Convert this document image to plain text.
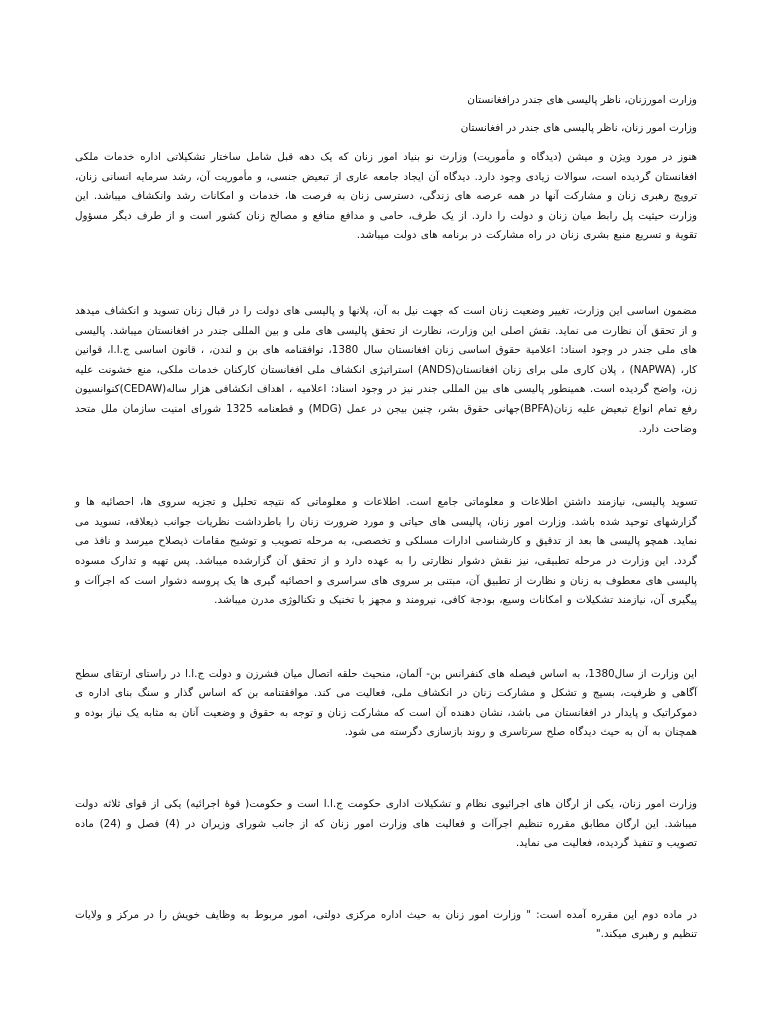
وزارت امورزنان، ناظر پالیسی های جندر درافغانستان

وزارت امور زنان، ناظر پالیسی های جندر در افغانستان

هنوز در مورد ویژن و میشن (دیدگاه و مأموریت) وزارت نو بنیاد امور زنان که یک دهه قبل شامل ساختار تشکیلاتی اداره خدمات ملکی افغانستان گردیده است، سوالات زیادی وجود دارد. دیدگاه آن ایجاد جامعه عاری از تبعیض جنسی، و مأموریت آن، رشد سرمایه انسانی زنان، ترویج رهبری زنان و مشارکت آنها در همه عرصه های زندگی، دسترسی زنان به فرصت ها، خدمات و امکانات رشد وانکشاف میباشد. این وزارت حیثیت پل رابط میان زنان و دولت را دارد. از یک طرف، حامی و مدافع منافع و مصالح زنان کشور است و از طرف دیگر مسؤول تقویة و تسریع منبع بشری زنان در راه مشارکت در برنامه های دولت میباشد.

مضمون اساسی این وزارت، تغییر وضعیت زنان است که جهت نیل به آن، پلانها و پالیسی های دولت را در قبال زنان تسوید و انکشاف میدهد و از تحقق آن نظارت می نماید. نقش اصلی این وزارت، نظارت از تحقق پالیسی های ملی و بین المللی جندر در افغانستان میباشد. پالیسی های ملی جندر در وجود اسناد: اعلامیة حقوق اساسی زنان افغانستان سال 1380، توافقنامه های بن و لندن، ، قانون اساسی ج.ا.ا، قوانین کار، (NAPWA) ، پلان کاری ملی برای زنان افغانستان(ANDS) استراتیژی انکشاف ملی افغانستان کارکنان خدمات ملکی، منع خشونت علیه زن، واضح گردیده است. همینطور پالیسی های بین المللی جندر نیز در وجود اسناد: اعلامیه ، اهداف انکشافی هزار ساله(CEDAW)کنوانسیون رفع تمام انواع تبعیض علیه زنان(BPFA)جهانی حقوق بشر، چنین بیجن در عمل (MDG) و قطعنامه 1325 شورای امنیت سازمان ملل متحد وضاحت دارد.

تسوید پالیسی، نیازمند داشتن اطلاعات و معلوماتی جامع است. اطلاعات و معلوماتی که نتیجه تحلیل و تجزیه سروی ها، احصائیه ها و گزارشهای توحید شده باشد. وزارت امور زنان، پالیسی های حیاتی و مورد ضرورت زنان را باطرداشت نظریات جوانب ذیعلاقه، تسوید می نماید. همچو پالیسی ها بعد از تدقیق و کارشناسی ادارات مسلکی و تخصصی، به مرحله تصویب و توشیح مقامات ذیصلاح میرسد و نافذ می گردد. این وزارت در مرحله تطبیقی، نیز نقش دشوار نظارتی را به عهده دارد و از تحقق آن گزارشده میباشد. پس تهیه و تدارک مسوده پالیسی های معطوف به زنان و نظارت از تطبیق آن، مبتنی بر سروی های سراسری و احصائیه گیری ها یک پروسه دشوار است که اجرآات و پیگیری آن، نیازمند تشکیلات و امکانات وسیع، بودجة کافی، نیرومند و مجهز با تخنیک و تکنالوژی مدرن میباشد.

این وزارت از سال1380، به اساس فیصله های کنفرانس بن- آلمان، منحیث حلقه اتصال میان فشرزن و دولت ج.ا.ا در راستای ارتقای سطح آگاهی و ظرفیت، بسیج و تشکل و مشارکت زنان در انکشاف ملی، فعالیت می کند. موافقتنامه بن که اساس گذار و سنگ بنای اداره ی دموکراتیک و پایدار در افغانستان می باشد، نشان دهنده آن است که مشارکت زنان و توجه به حقوق و وضعیت آنان به مثابه یک نیاز بوده و همچنان به آن به حیث دیدگاه صلح سرتاسری و روند بازسازی دگرسته می شود.

وزارت امور زنان، یکی از ارگان های اجرائیوی نظام و تشکیلات اداری حکومت ج.ا.ا است و حکومت( قوهٔ اجرائیه) یکی از قوای ثلاثه دولت میباشد. این ارگان مطابق مقرره تنظیم اجرآات و فعالیت های وزارت امور زنان که از جانب شورای وزیران در (4) فصل و (24) ماده تصویب و تنفیذ گردیده، فعالیت می نماید.

در ماده دوم این مقرره آمده است: " وزارت امور زنان به حیث اداره مرکزی دولتی، امور مربوط به وظایف خویش را در مرکز و ولایات تنظیم و رهبری میکند."
